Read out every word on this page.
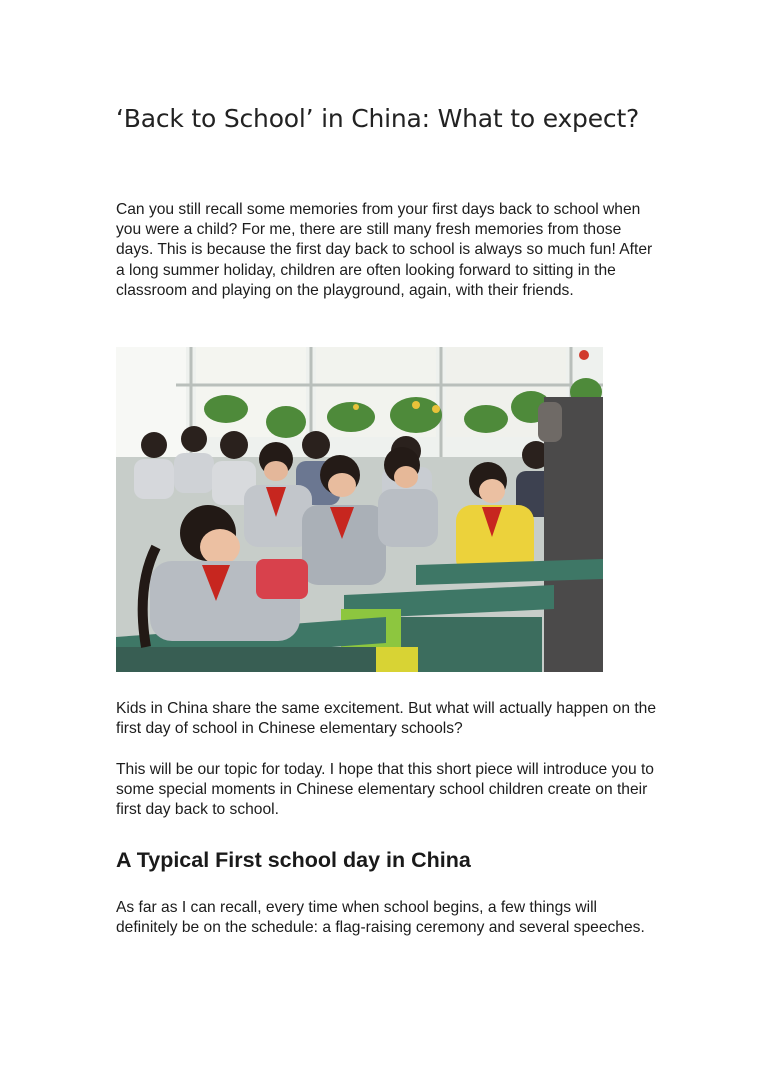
‘Back to School’ in China: What to expect?

Can you still recall some memories from your first days back to school when you were a child? For me, there are still many fresh memories from those days. This is because the first day back to school is always so much fun! After a long summer holiday, children are often looking forward to sitting in the classroom and playing on the playground, again, with their friends.

Kids in China share the same excitement. But what will actually happen on the first day of school in Chinese elementary schools?

This will be our topic for today. I hope that this short piece will introduce you to some special moments in Chinese elementary school children create on their first day back to school.

A Typical First school day in China

As far as I can recall, every time when school begins, a few things will definitely be on the schedule: a flag-raising ceremony and several speeches.
